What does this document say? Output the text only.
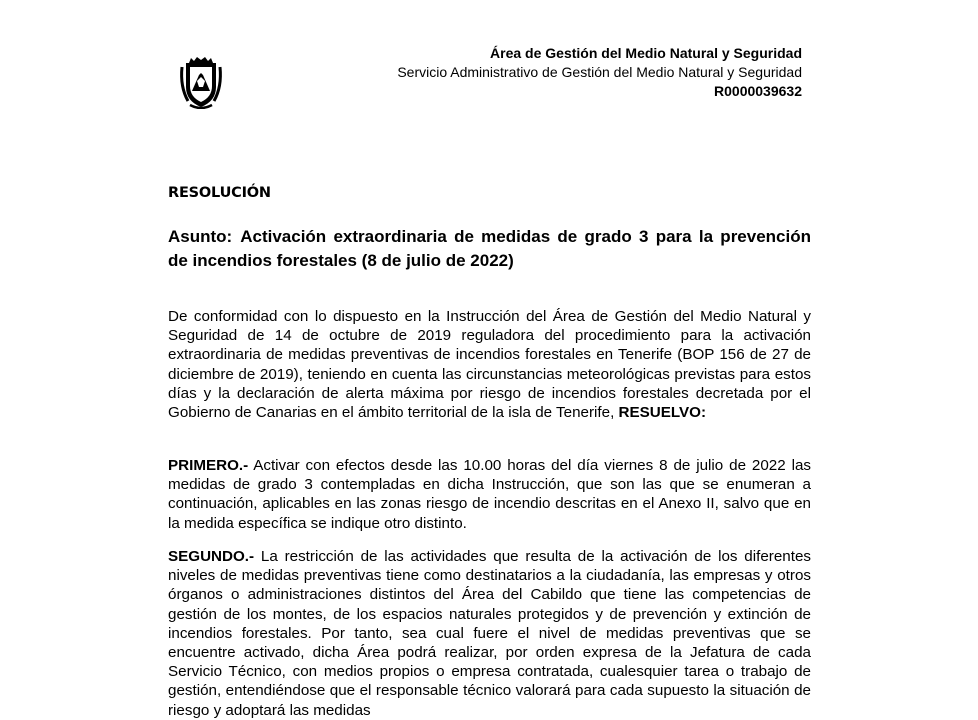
Área de Gestión del Medio Natural y Seguridad
Servicio Administrativo de Gestión del Medio Natural y Seguridad
R0000039632
RESOLUCIÓN
Asunto: Activación extraordinaria de medidas de grado 3 para la prevención de incendios forestales (8 de julio de 2022)
De conformidad con lo dispuesto en la Instrucción del Área de Gestión del Medio Natural y Seguridad de 14 de octubre de 2019 reguladora del procedimiento para la activación extraordinaria de medidas preventivas de incendios forestales en Tenerife (BOP 156 de 27 de diciembre de 2019), teniendo en cuenta las circunstancias meteorológicas previstas para estos días y la declaración de alerta máxima por riesgo de incendios forestales decretada por el Gobierno de Canarias en el ámbito territorial de la isla de Tenerife, RESUELVO:
PRIMERO.- Activar con efectos desde las 10.00 horas del día viernes 8 de julio de 2022 las medidas de grado 3 contempladas en dicha Instrucción, que son las que se enumeran a continuación, aplicables en las zonas riesgo de incendio descritas en el Anexo II, salvo que en la medida específica se indique otro distinto.
SEGUNDO.- La restricción de las actividades que resulta de la activación de los diferentes niveles de medidas preventivas tiene como destinatarios a la ciudadanía, las empresas y otros órganos o administraciones distintos del Área del Cabildo que tiene las competencias de gestión de los montes, de los espacios naturales protegidos y de prevención y extinción de incendios forestales. Por tanto, sea cual fuere el nivel de medidas preventivas que se encuentre activado, dicha Área podrá realizar, por orden expresa de la Jefatura de cada Servicio Técnico, con medios propios o empresa contratada, cualesquier tarea o trabajo de gestión, entendiéndose que el responsable técnico valorará para cada supuesto la situación de riesgo y adoptará las medidas
